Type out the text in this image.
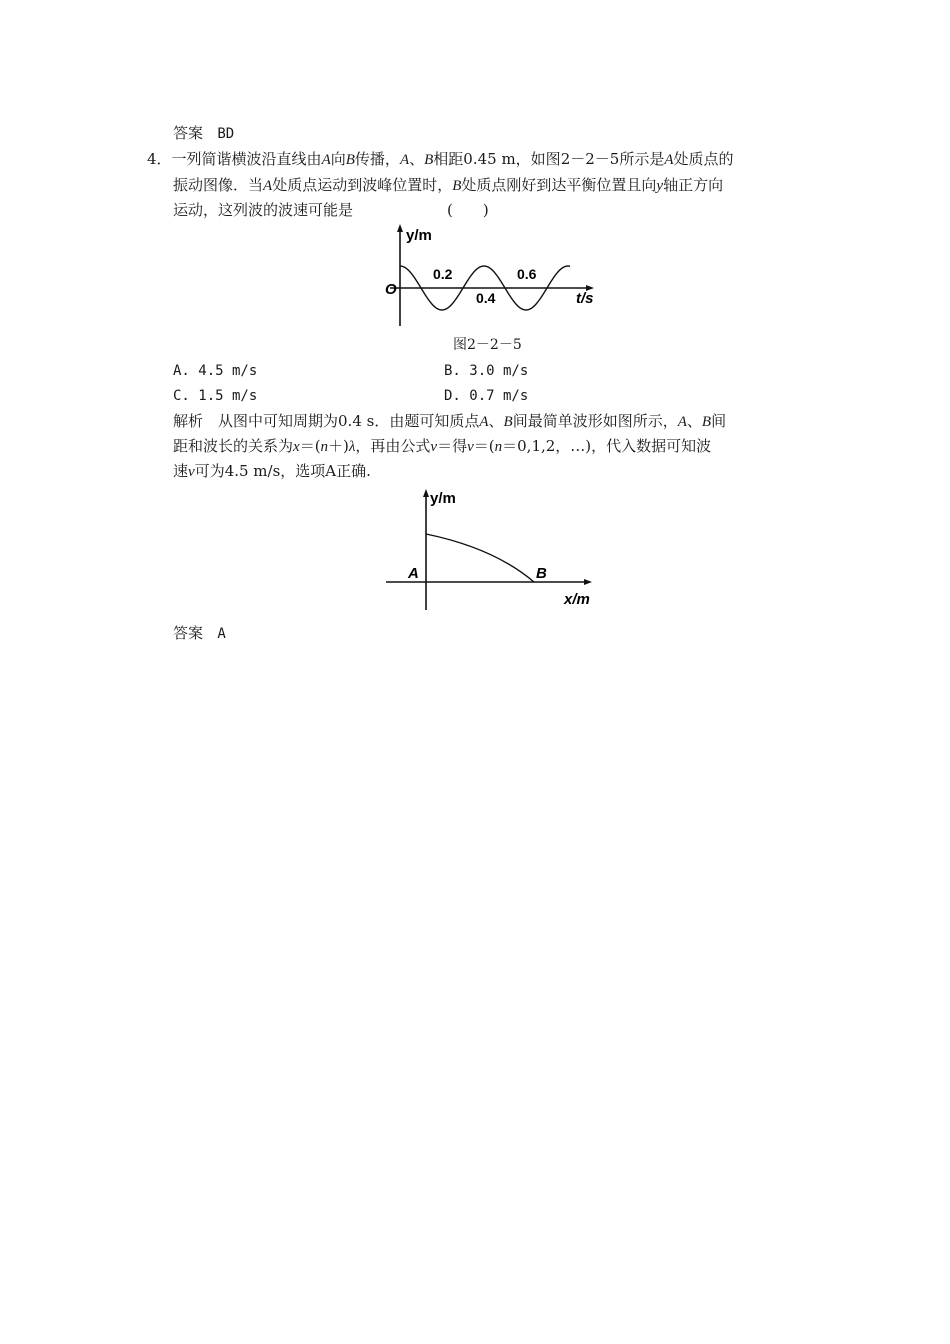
答案 BD
4．一列简谐横波沿直线由A向B传播，A、B相距0.45 m，如图2－2－5所示是A处质点的
振动图像．当A处质点运动到波峰位置时，B处质点刚好到达平衡位置且向y轴正方向
运动，这列波的波速可能是	(　　)
y/m
O
0.2
0.4
0.6
t/s
图2－2－5
A. 4.5 m/s	B. 3.0 m/s
C. 1.5 m/s	D. 0.7 m/s
解析　从图中可知周期为0.4 s．由题可知质点A、B间最简单波形如图所示，A、B间
距和波长的关系为x＝(n＋)λ，再由公式v＝得v＝(n＝0,1,2，…)，代入数据可知波
速v可为4.5 m/s，选项A正确.
y/m
A	B
x/m
答案 A
